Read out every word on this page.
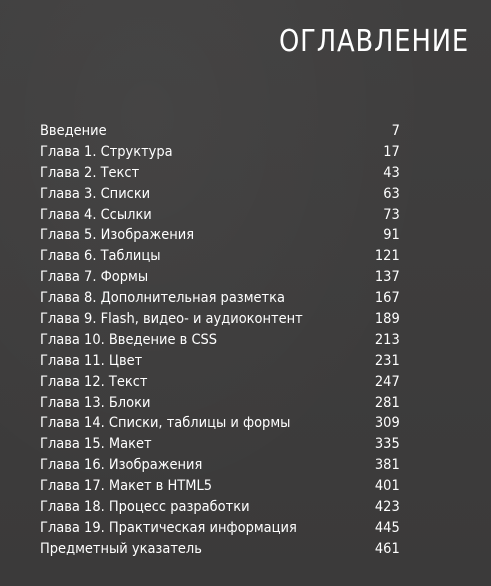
ОГЛАВЛЕНИЕ
Введение	7
Глава 1. Структура	17
Глава 2. Текст	43
Глава 3. Списки	63
Глава 4. Ссылки	73
Глава 5. Изображения	91
Глава 6. Таблицы	121
Глава 7. Формы	137
Глава 8. Дополнительная разметка	167
Глава 9. Flash, видео- и аудиоконтент	189
Глава 10. Введение в CSS	213
Глава 11. Цвет	231
Глава 12. Текст	247
Глава 13. Блоки	281
Глава 14. Списки, таблицы и формы	309
Глава 15. Макет	335
Глава 16. Изображения	381
Глава 17. Макет в HTML5	401
Глава 18. Процесс разработки	423
Глава 19. Практическая информация	445
Предметный указатель	461
